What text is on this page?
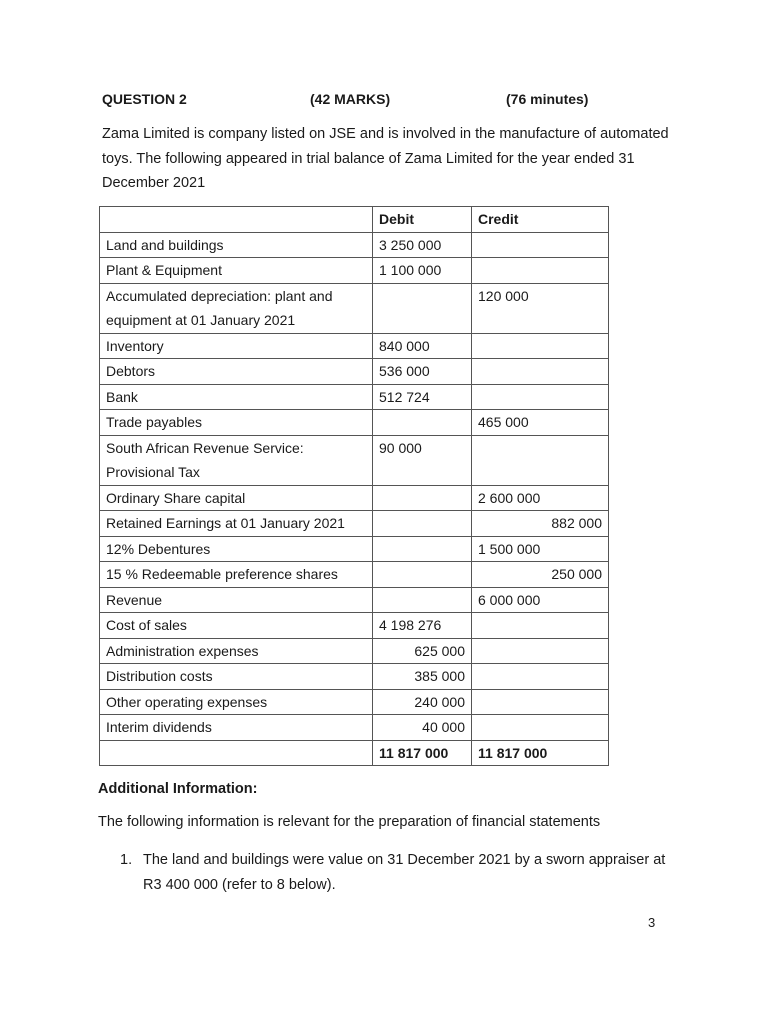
QUESTION 2	(42 MARKS)	(76 minutes)
Zama Limited is company listed on JSE and is involved in the manufacture of automated toys. The following appeared in trial balance of Zama Limited for the year ended 31 December 2021
	Debit	Credit
Land and buildings	3 250 000	
Plant & Equipment	1 100 000	
Accumulated depreciation: plant and equipment at 01 January 2021		120 000
Inventory	840 000	
Debtors	536 000	
Bank	512 724	
Trade payables		465 000
South African Revenue Service: Provisional Tax	90 000	
Ordinary Share capital		2 600 000
Retained Earnings at 01 January 2021		882 000
12% Debentures		1 500 000
15 % Redeemable preference shares		250 000
Revenue		6 000 000
Cost of sales	4 198 276	
Administration expenses	625 000	
Distribution costs	385 000	
Other operating expenses	240 000	
Interim dividends	40 000	
	11 817 000	11 817 000
Additional Information:
The following information is relevant for the preparation of financial statements
1. The land and buildings were value on 31 December 2021 by a sworn appraiser at R3 400 000 (refer to 8 below).
3
